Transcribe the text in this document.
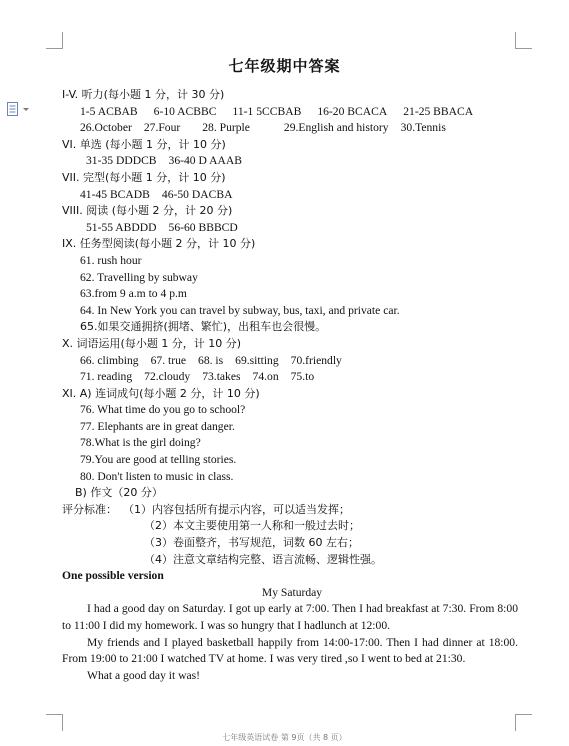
七年级期中答案
I-V. 听力(每小题 1 分，计 30 分)
1-5 ACBAB 6-10 ACBBC 11-1 5CCBAB 16-20 BCACA 21-25 BBACA
26.October 27.Four 28. Purple	29.English and history 30.Tennis
VI. 单选 (每小题 1 分，计 10 分)
31-35 DDDCB 36-40 D AAAB
VII. 完型(每小题 1 分，计 10 分)
41-45 BCADB 46-50 DACBA
VIII. 阅读 (每小题 2 分，计 20 分)
51-55 ABDDD 56-60 BBBCD
IX. 任务型阅读(每小题 2 分，计 10 分)
61. rush hour
62. Travelling by subway
63.from 9 a.m to 4 p.m
64. In New York you can travel by subway, bus, taxi, and private car.
65.如果交通拥挤(拥堵、繁忙)，出租车也会很慢。
X. 词语运用(每小题 1 分，计 10 分)
66. climbing 67. true 68. is 69.sitting 70.friendly
71. reading 72.cloudy 73.takes 74.on 75.to
XI. A) 连词成句(每小题 2 分，计 10 分)
76. What time do you go to school?
77. Elephants are in great danger.
78.What is the girl doing?
79.You are good at telling stories.
80. Don't listen to music in class.
B) 作文（20 分）
评分标准： （1）内容包括所有提示内容，可以适当发挥；
（2）本文主要使用第一人称和一般过去时；
（3）卷面整齐，书写规范，词数 60 左右；
（4）注意文章结构完整、语言流畅、逻辑性强。
One possible version
My Saturday
I had a good day on Saturday. I got up early at 7:00. Then I had breakfast at 7:30. From 8:00 to 11:00 I did my homework. I was so hungry that I hadlunch at 12:00.
My friends and I played basketball happily from 14:00-17:00. Then I had dinner at 18:00. From 19:00 to 21:00 I watched TV at home. I was very tired ,so I went to bed at 21:30.
What a good day it was!
七年级英语试卷 第 9页（共 8 页）
